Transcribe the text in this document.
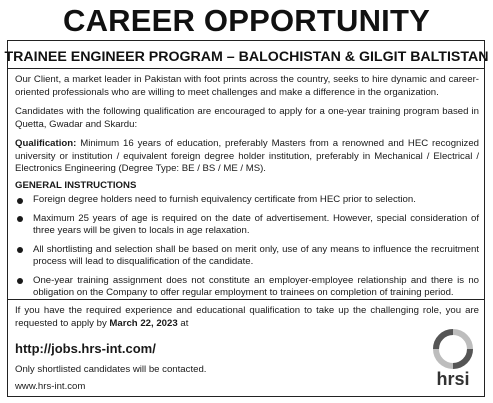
CAREER OPPORTUNITY
TRAINEE ENGINEER PROGRAM – BALOCHISTAN & GILGIT BALTISTAN

Our Client, a market leader in Pakistan with foot prints across the country, seeks to hire dynamic and career-oriented professionals who are willing to meet challenges and make a difference in the organization.

Candidates with the following qualification are encouraged to apply for a one-year training program based in Quetta, Gwadar and Skardu:

Qualification: Minimum 16 years of education, preferably Masters from a renowned and HEC recognized university or institution / equivalent foreign degree holder institution, preferably in Mechanical / Electrical / Electronics Engineering (Degree Type: BE / BS / ME / MS).

GENERAL INSTRUCTIONS
Foreign degree holders need to furnish equivalency certificate from HEC prior to selection.
Maximum 25 years of age is required on the date of advertisement. However, special consideration of three years will be given to locals in age relaxation.
All shortlisting and selection shall be based on merit only, use of any means to influence the recruitment process will lead to disqualification of the candidate.
One-year training assignment does not constitute an employer-employee relationship and there is no obligation on the Company to offer regular employment to trainees on completion of training period.

If you have the required experience and educational qualification to take up the challenging role, you are requested to apply by March 22, 2023 at

http://jobs.hrs-int.com/
Only shortlisted candidates will be contacted.
www.hrs-int.com	hrsi
